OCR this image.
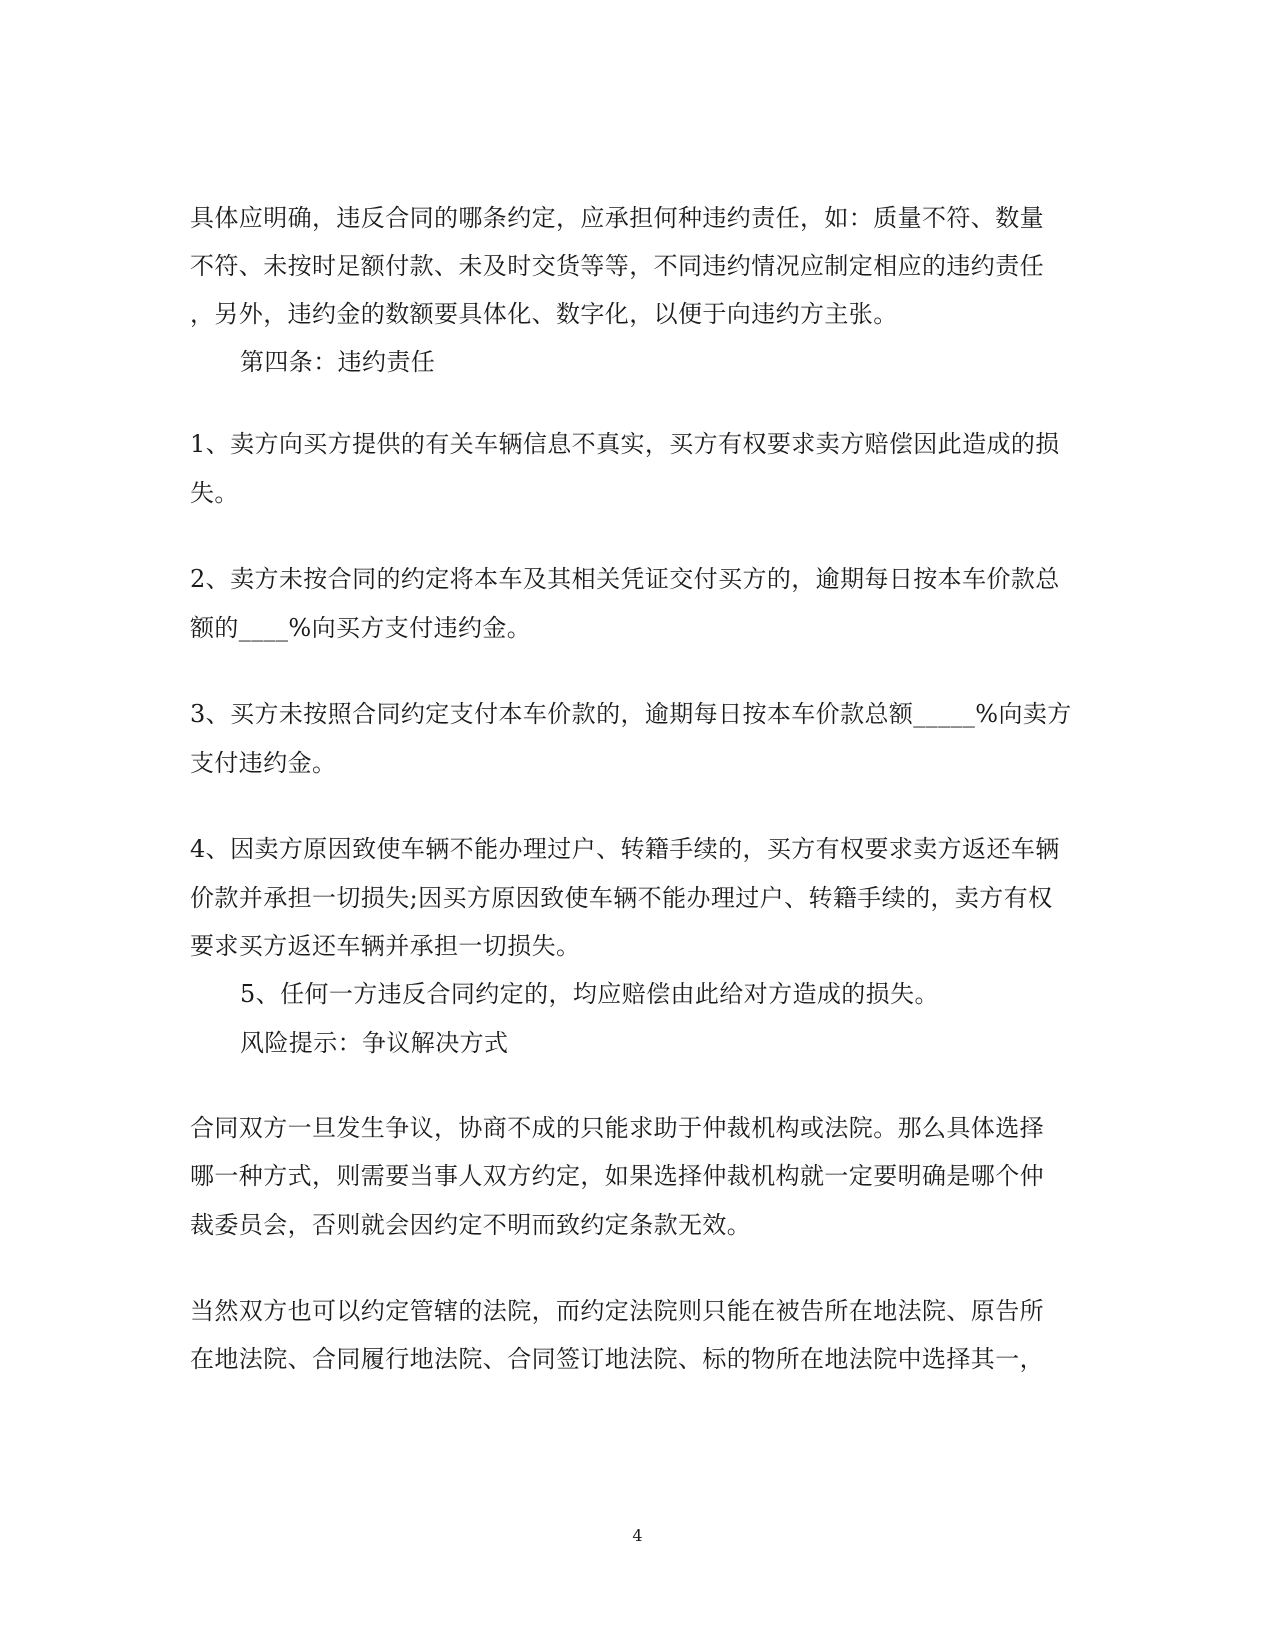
具体应明确，违反合同的哪条约定，应承担何种违约责任，如：质量不符、数量
不符、未按时足额付款、未及时交货等等，不同违约情况应制定相应的违约责任
，另外，违约金的数额要具体化、数字化，以便于向违约方主张。
第四条：违约责任
1、卖方向买方提供的有关车辆信息不真实，买方有权要求卖方赔偿因此造成的损
失。
2、卖方未按合同的约定将本车及其相关凭证交付买方的，逾期每日按本车价款总
额的____%向买方支付违约金。
3、买方未按照合同约定支付本车价款的，逾期每日按本车价款总额_____%向卖方
支付违约金。
4、因卖方原因致使车辆不能办理过户、转籍手续的，买方有权要求卖方返还车辆
价款并承担一切损失;因买方原因致使车辆不能办理过户、转籍手续的，卖方有权
要求买方返还车辆并承担一切损失。
5、任何一方违反合同约定的，均应赔偿由此给对方造成的损失。
风险提示：争议解决方式
合同双方一旦发生争议，协商不成的只能求助于仲裁机构或法院。那么具体选择
哪一种方式，则需要当事人双方约定，如果选择仲裁机构就一定要明确是哪个仲
裁委员会，否则就会因约定不明而致约定条款无效。
当然双方也可以约定管辖的法院，而约定法院则只能在被告所在地法院、原告所
在地法院、合同履行地法院、合同签订地法院、标的物所在地法院中选择其一，
4
